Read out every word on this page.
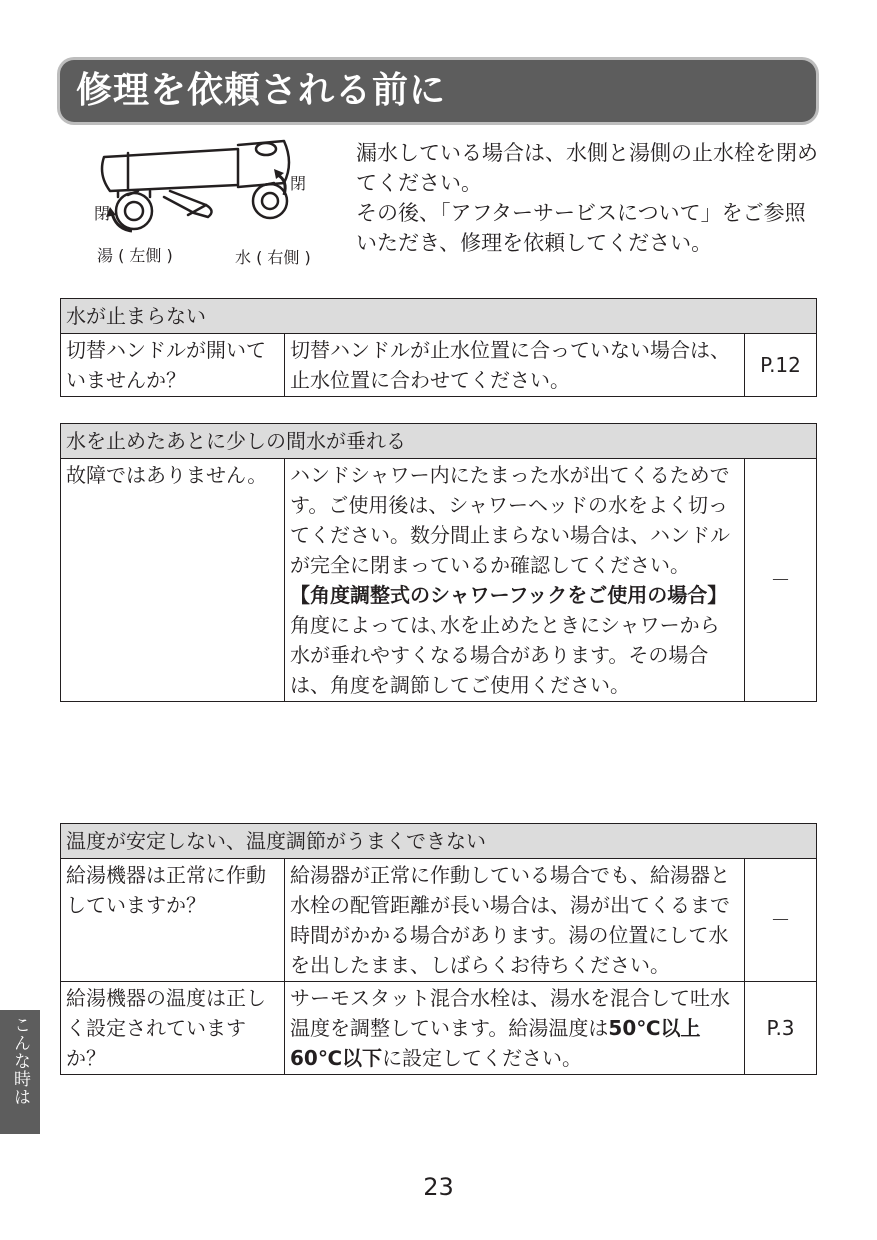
修理を依頼される前に
閉
閉
湯 ( 左側 )	水 ( 右側 )

漏水している場合は、水側と湯側の止水栓を閉めてください。

その後、「アフターサービスについて」をご参照いただき、修理を依頼してください。

水が止まらない
切替ハンドルが開いていませんか？	切替ハンドルが止水位置に合っていない場合は、止水位置に合わせてください。	P.12
水を止めたあとに少しの間水が垂れる
故障ではありません。	ハンドシャワー内にたまった水が出てくるためです。ご使用後は、シャワーヘッドの水をよく切ってください。数分間止まらない場合は、ハンドルが完全に閉まっているか確認してください。
【角度調整式のシャワーフックをご使用の場合】
角度によっては､水を止めたときにシャワーから水が垂れやすくなる場合があります。その場合は、角度を調節してご使用ください。	－
温度が安定しない、温度調節がうまくできない		
給湯機器は正常に作動していますか？	給湯器が正常に作動している場合でも、給湯器と水栓の配管距離が長い場合は、湯が出てくるまで時間がかかる場合があります。湯の位置にして水を出したまま、しばらくお待ちください。	－
給湯機器の温度は正しく設定されていますか？	サーモスタット混合水栓は、湯水を混合して吐水温度を調整しています。給湯温度は50℃以上 60℃以下に設定してください。	P.3
こんな時は
23
